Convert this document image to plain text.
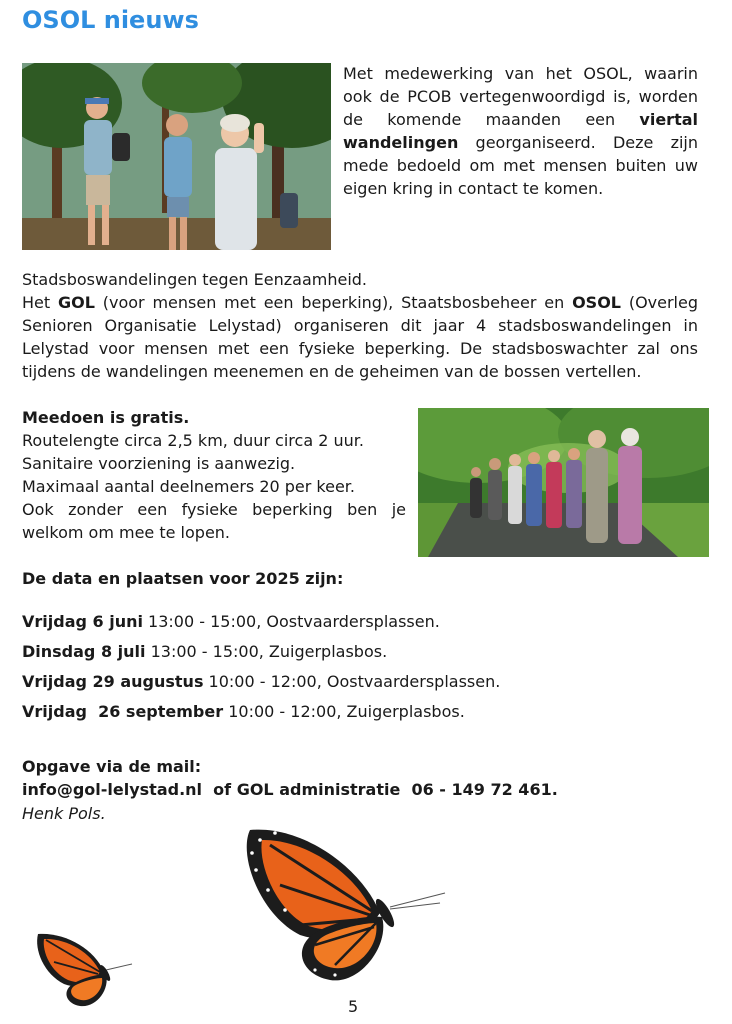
OSOL nieuws

Met medewerking van het OSOL, waarin ook de PCOB vertegenwoordigd is, worden de komende maanden een viertal wandelingen georganiseerd. Deze zijn mede bedoeld om met mensen buiten uw eigen kring in contact te komen.

Stadsboswandelingen tegen Eenzaamheid.

Het GOL (voor mensen met een beperking), Staatsbosbeheer en OSOL (Overleg Senioren Organisatie Lelystad) organiseren dit jaar 4 stadsboswandelingen in Lelystad voor mensen met een fysieke beperking. De stadsboswachter zal ons tijdens de wandelingen meenemen en de geheimen van de bossen vertellen.

Meedoen is gratis.

Routelengte circa 2,5 km, duur circa 2 uur.
Sanitaire voorziening is aanwezig.
Maximaal aantal deelnemers 20 per keer.
Ook zonder een fysieke beperking ben je welkom om mee te lopen.

De data en plaatsen voor 2025 zijn:

Vrijdag 6 juni 13:00 - 15:00, Oostvaardersplassen.

Dinsdag 8 juli 13:00 - 15:00, Zuigerplasbos.

Vrijdag 29 augustus 10:00 - 12:00, Oostvaardersplassen.

Vrijdag  26 september 10:00 - 12:00, Zuigerplasbos.

Opgave via de mail:

info@gol-lelystad.nl  of GOL administratie  06 - 149 72 461.

Henk Pols.

5
